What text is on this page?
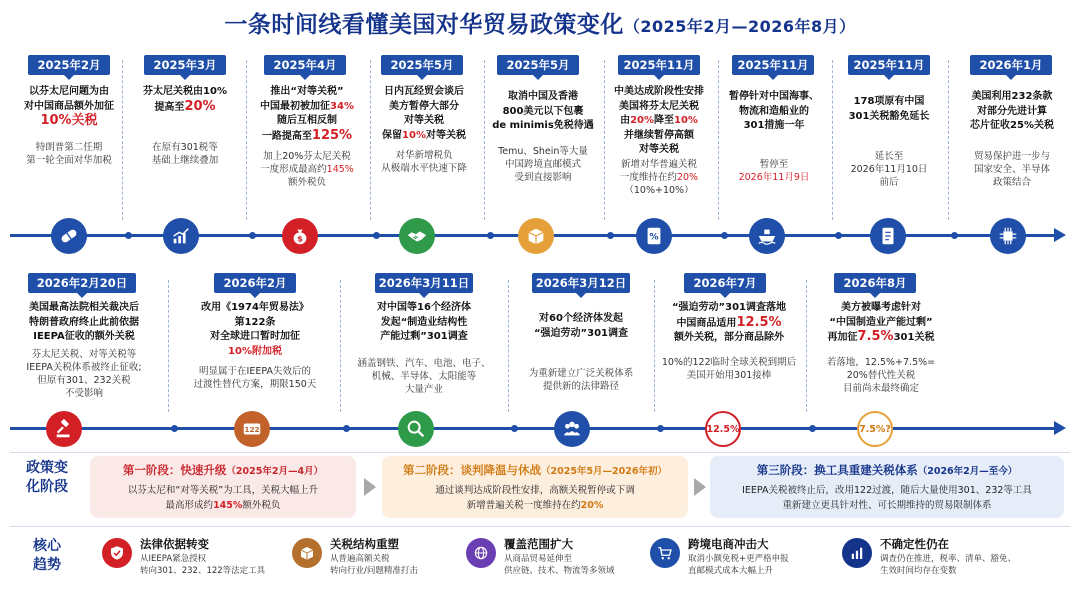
一条时间线看懂美国对华贸易政策变化（2025年2月—2026年8月）
2025年2月
以芬太尼问题为由
对中国商品额外加征
10%关税
特朗普第二任期
第一轮全面对华加税
2025年3月
芬太尼关税由10%
提高至20%
在原有301税等
基础上继续叠加
2025年4月
推出“对等关税”
中国最初被加征34%
随后互相反制
一路提高至125%
加上20%芬太尼关税
一度形成最高约145%
额外税负
$
2025年5月
日内瓦经贸会谈后
美方暂停大部分
对等关税
保留10%对等关税
对华新增税负
从极端水平快速下降
2025年5月
取消中国及香港
800美元以下包裹
de minimis免税待遇
Temu、Shein等大量
中国跨境直邮模式
受到直接影响
2025年11月
中美达成阶段性安排
美国将芬太尼关税
由20%降至10%
并继续暂停高额
对等关税
新增对华普遍关税
一度维持在约20%
（10%+10%）
%
2025年11月
暂停针对中国海事、
物流和造船业的
301措施一年
暂停至
2026年11月9日
2025年11月
178项原有中国
301关税豁免延长
延长至
2026年11月10日
前后
2026年1月
美国利用232条款
对部分先进计算
芯片征收25%关税
贸易保护进一步与
国家安全、半导体
政策结合
2026年2月20日
美国最高法院相关裁决后
特朗普政府终止此前依据
IEEPA征收的额外关税
芬太尼关税、对等关税等
IEEPA关税体系被终止征收;
但原有301、232关税
不受影响
2026年2月
改用《1974年贸易法》
第122条
对全球进口暂时加征
10%附加税
明显属于在IEEPA失效后的
过渡性替代方案，期限150天
122
2026年3月11日
对中国等16个经济体
发起“制造业结构性
产能过剩”301调查
涵盖钢铁、汽车、电池、电子、
机械、半导体、太阳能等
大量产业
2026年3月12日
对60个经济体发起
“强迫劳动”301调查
为重新建立广泛关税体系
提供新的法律路径
2026年7月
“强迫劳动”301调查落地
中国商品适用12.5%
额外关税，部分商品除外
10%的122临时全球关税到期后
美国开始用301接棒
12.5%
2026年8月
美方被曝考虑针对
“中国制造业产能过剩”
再加征7.5%301关税
若落地，12.5%+7.5%=
20%替代性关税
目前尚未最终确定
7.5%?
政策变化阶段
第一阶段：快速升级（2025年2月—4月）
以芬太尼和“对等关税”为工具，关税大幅上升
最高形成约145%额外税负
第二阶段：谈判降温与休战（2025年5月—2026年初）
通过谈判达成阶段性安排，高额关税暂停或下调
新增普遍关税一度维持在约20%
第三阶段：换工具重建关税体系（2026年2月—至今）
IEEPA关税被终止后，改用122过渡，随后大量使用301、232等工具
重新建立更具针对性、可长期维持的贸易限制体系
核心趋势
法律依据转变
从IEEPA紧急授权
转向301、232、122等法定工具
关税结构重塑
从普遍高额关税
转向行业/问题精准打击
覆盖范围扩大
从商品贸易延伸至
供应链、技术、物流等多领域
跨境电商冲击大
取消小额免税+更严格申报
直邮模式成本大幅上升
不确定性仍在
调查仍在推进，税率、清单、豁免、
生效时间均存在变数
